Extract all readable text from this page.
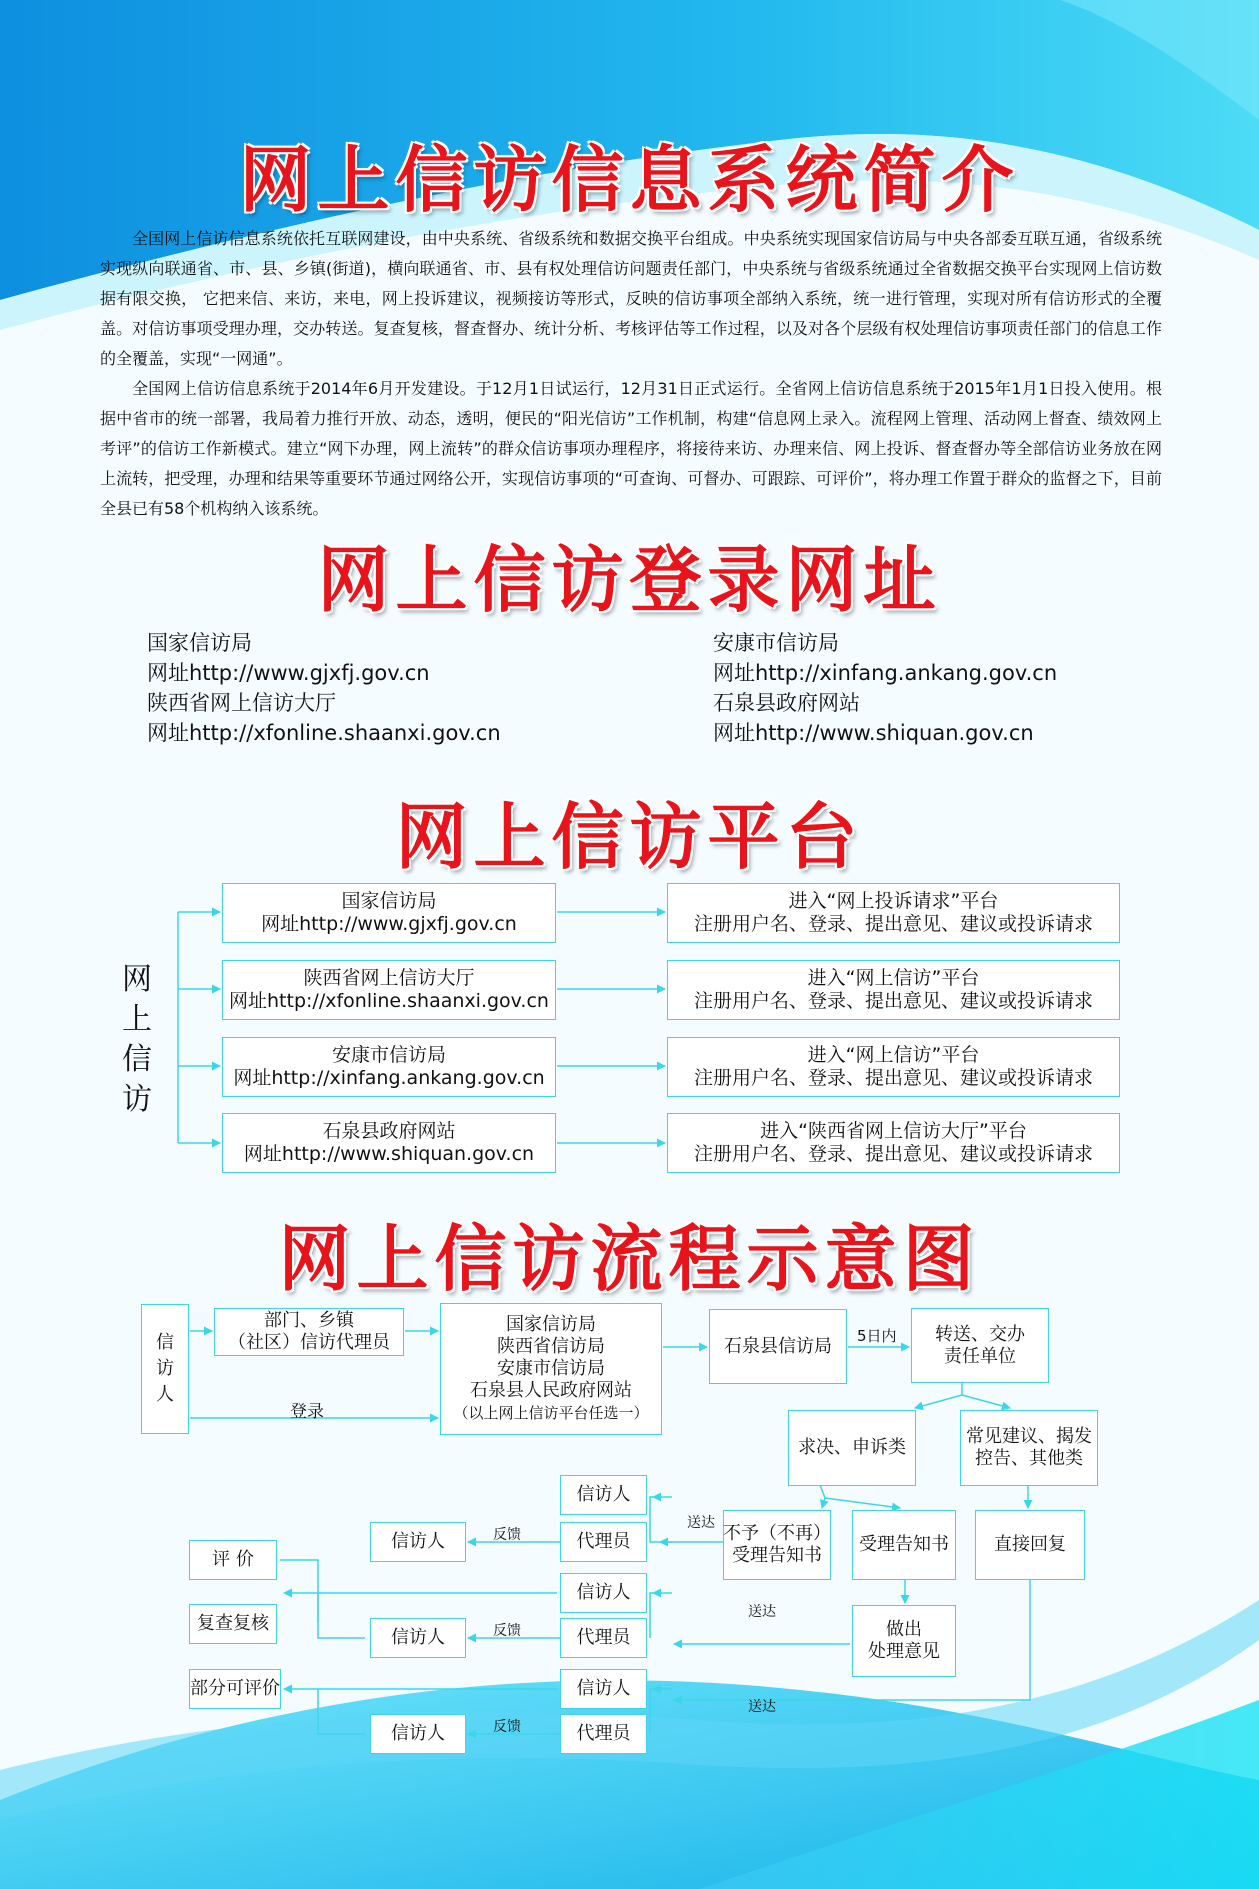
网上信访信息系统简介
网上信访登录网址
网上信访平台
网上信访流程示意图

全国网上信访信息系统依托互联网建设，由中央系统、省级系统和数据交换平台组成。中央系统实现国家信访局与中央各部委互联互通，省级系统实现纵向联通省、市、县、乡镇(街道)，横向联通省、市、县有权处理信访问题责任部门，中央系统与省级系统通过全省数据交换平台实现网上信访数据有限交换， 它把来信、来访，来电，网上投诉建议，视频接访等形式，反映的信访事项全部纳入系统，统一进行管理，实现对所有信访形式的全覆盖。对信访事项受理办理，交办转送。复查复核，督查督办、统计分析、考核评估等工作过程，以及对各个层级有权处理信访事项责任部门的信息工作的全覆盖，实现“一网通”。

全国网上信访信息系统于2014年6月开发建设。于12月1日试运行，12月31日正式运行。全省网上信访信息系统于2015年1月1日投入使用。根据中省市的统一部署，我局着力推行开放、动态，透明，便民的“阳光信访”工作机制，构建“信息网上录入。流程网上管理、活动网上督查、绩效网上考评”的信访工作新模式。建立“网下办理，网上流转”的群众信访事项办理程序，将接待来访、办理来信、网上投诉、督查督办等全部信访业务放在网上流转，把受理，办理和结果等重要环节通过网络公开，实现信访事项的“可查询、可督办、可跟踪、可评价”，将办理工作置于群众的监督之下，目前全县已有58个机构纳入该系统。

国家信访局
网址http://www.gjxfj.gov.cn
陕西省网上信访大厅
网址http://xfonline.shaanxi.gov.cn
安康市信访局
网址http://xinfang.ankang.gov.cn
石泉县政府网站
网址http://www.shiquan.gov.cn
网
上
信
访
国家信访局
网址http://www.gjxfj.gov.cn
进入“网上投诉请求”平台
注册用户名、登录、提出意见、建议或投诉请求
陕西省网上信访大厅
网址http://xfonline.shaanxi.gov.cn
进入“网上信访”平台
注册用户名、登录、提出意见、建议或投诉请求
安康市信访局
网址http://xinfang.ankang.gov.cn
进入“网上信访”平台
注册用户名、登录、提出意见、建议或投诉请求
石泉县政府网站
网址http://www.shiquan.gov.cn
进入“陕西省网上信访大厅”平台
注册用户名、登录、提出意见、建议或投诉请求
信
访
人
部门、乡镇
（社区）信访代理员
登录
国家信访局
陕西省信访局
安康市信访局
石泉县人民政府网站
（以上网上信访平台任选一）
石泉县信访局 5日内 转送、交办
责任单位
求决、申诉类
常见建议、揭发
控告、其他类
不予（不再）
受理告知书
受理告知书	直接回复
做出
处理意见
送达
送达
送达
信访人
代理员
信访人
代理员
信访人
代理员
反馈
反馈
反馈
信访人
信访人
信访人
评 价
复查复核
部分可评价
